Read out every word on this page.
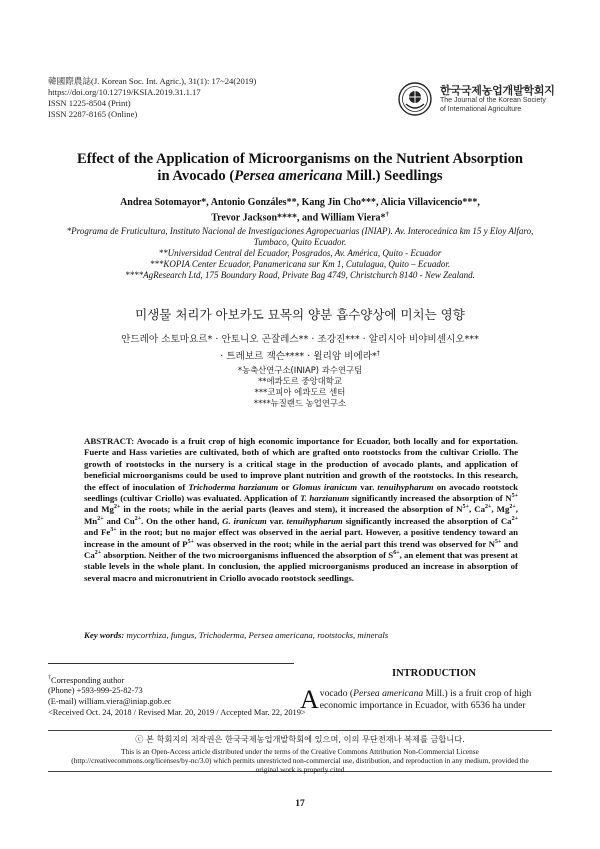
韓國際農誌(J. Korean Soc. Int. Agric.), 31(1): 17~24(2019)
https://doi.org/10.12719/KSIA.2019.31.1.17
ISSN 1225-8504 (Print)
ISSN 2287-8165 (Online)
한국국제농업개발학회지
The Journal of the Korean Society
of International Agriculture
Effect of the Application of Microorganisms on the Nutrient Absorption
in Avocado (Persea americana Mill.) Seedlings
Andrea Sotomayor*, Antonio Gonzáles**, Kang Jin Cho***, Alicia Villavicencio***,
Trevor Jackson****, and William Viera*†
*Programa de Fruticultura, Instituto Nacional de Investigaciones Agropecuarias (INIAP). Av. Interoceánica km 15 y Eloy Alfaro,
Tumbaco, Quito Ecuador.
**Universidad Central del Ecuador, Posgrados, Av. América, Quito - Ecuador
***KOPIA Center Ecuador, Panamericana sur Km 1, Cutulagua, Quito – Ecuador.
****AgResearch Ltd, 175 Boundary Road, Private Bag 4749, Christchurch 8140 - New Zealand.
미생물 처리가 아보카도 묘목의 양분 흡수양상에 미치는 영향
안드레아 소토마요르* · 안토니오 곤잘레스** · 조강진*** · 알리시아 비야비센시오***
· 트레보르 잭슨**** · 윌리암 비에라*†
*농축산연구소(INIAP) 과수연구팀
**에콰도르 중앙대학교
***코피아 에콰도르 센터
****뉴질랜드 농업연구소
ABSTRACT: Avocado is a fruit crop of high economic importance for Ecuador, both locally and for exportation. Fuerte and Hass varieties are cultivated, both of which are grafted onto rootstocks from the cultivar Criollo. The growth of rootstocks in the nursery is a critical stage in the production of avocado plants, and application of beneficial microorganisms could be used to improve plant nutrition and growth of the rootstocks. In this research, the effect of inoculation of Trichoderma harzianum or Glomus iranicum var. tenuihypharum on avocado rootstock seedlings (cultivar Criollo) was evaluated. Application of T. harzianum significantly increased the absorption of $N^{5+}$ and $Mg^{2+}$ in the roots; while in the aerial parts (leaves and stem), it increased the absorption of $N^{5+}$, $Ca^{2+}$, $Mg^{2+}$, $Mn^{2+}$ and $Cu^{2+}$. On the other hand, G. iranicum var. tenuihypharum significantly increased the absorption of $Ca^{2+}$ and $Fe^{3+}$ in the root; but no major effect was observed in the aerial part. However, a positive tendency toward an increase in the amount of $P^{5+}$ was observed in the root; while in the aerial part this trend was observed for $N^{5+}$ and $Ca^{2+}$ absorption. Neither of the two microorganisms influenced the absorption of $S^{6+}$, an element that was present at stable levels in the whole plant. In conclusion, the applied microorganisms produced an increase in absorption of several macro and micronutrient in Criollo avocado rootstock seedlings.
Key words: mycorrhiza, fungus, Trichoderma, Persea americana, rootstocks, minerals
†Corresponding author
(Phone) +593-999-25-82-73
(E-mail) william.viera@iniap.gob.ec
<Received Oct. 24, 2018 / Revised Mar. 20, 2019 / Accepted Mar. 22, 2019>
INTRODUCTION
A vocado (Persea americana Mill.) is a fruit crop of high
economic importance in Ecuador, with 6536 ha under
ⓒ 본 학회지의 저작권은 한국국제농업개발학회에 있으며, 이의 무단전재나 복제를 금합니다.
This is an Open-Access article distributed under the terms of the Creative Commons Attribution Non-Commercial License (http://creativecommons.org/licenses/by-nc/3.0) which permits unrestricted non-commercial use, distribution, and reproduction in any medium, provided the original work is properly cited
17
